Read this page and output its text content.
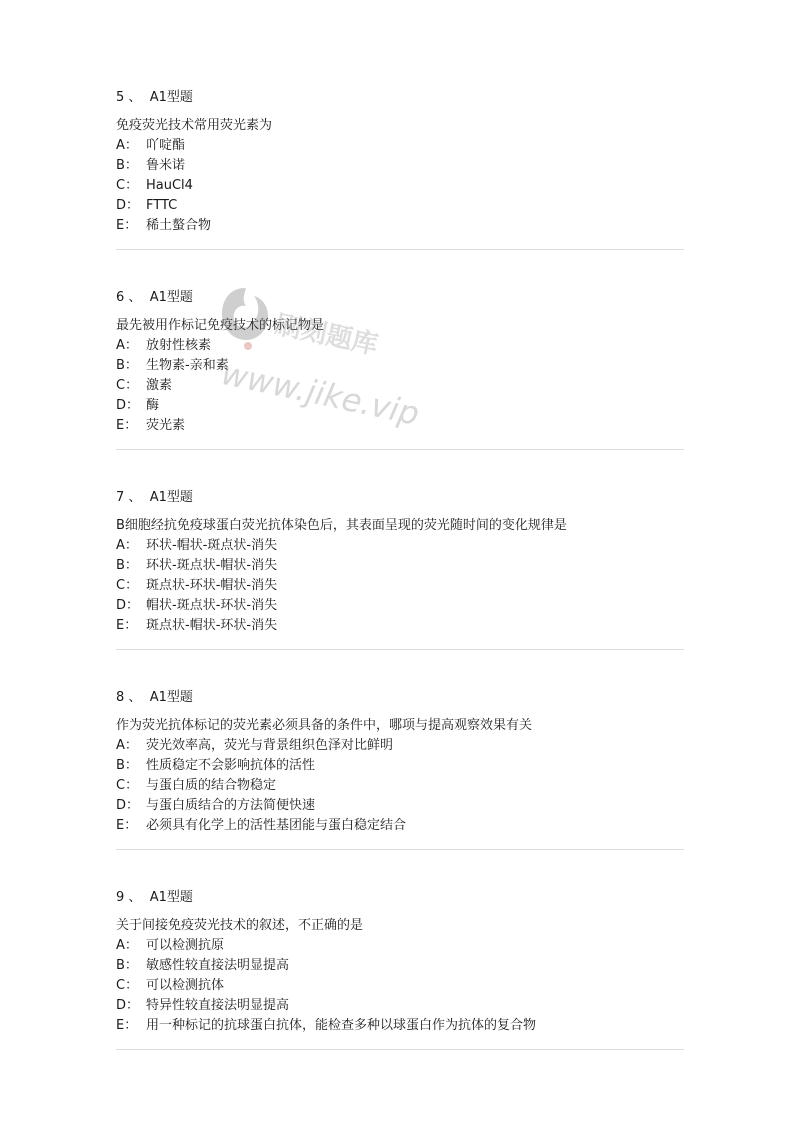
5 、 A1型题
免疫荧光技术常用荧光素为
A： 吖啶酯
B： 鲁米诺
C： HauCl4
D： FTTC
E： 稀土螯合物
6 、 A1型题
最先被用作标记免疫技术的标记物是
A： 放射性核素
B： 生物素-亲和素
C： 激素
D： 酶
E： 荧光素
7 、 A1型题
B细胞经抗免疫球蛋白荧光抗体染色后，其表面呈现的荧光随时间的变化规律是
A： 环状-帽状-斑点状-消失
B： 环状-斑点状-帽状-消失
C： 斑点状-环状-帽状-消失
D： 帽状-斑点状-环状-消失
E： 斑点状-帽状-环状-消失
8 、 A1型题
作为荧光抗体标记的荧光素必须具备的条件中，哪项与提高观察效果有关
A： 荧光效率高，荧光与背景组织色泽对比鲜明
B： 性质稳定不会影响抗体的活性
C： 与蛋白质的结合物稳定
D： 与蛋白质结合的方法简便快速
E： 必须具有化学上的活性基团能与蛋白稳定结合
9 、 A1型题
关于间接免疫荧光技术的叙述，不正确的是
A： 可以检测抗原
B： 敏感性较直接法明显提高
C： 可以检测抗体
D： 特异性较直接法明显提高
E： 用一种标记的抗球蛋白抗体，能检查多种以球蛋白作为抗体的复合物
刷刻题库
www.jike.vip
